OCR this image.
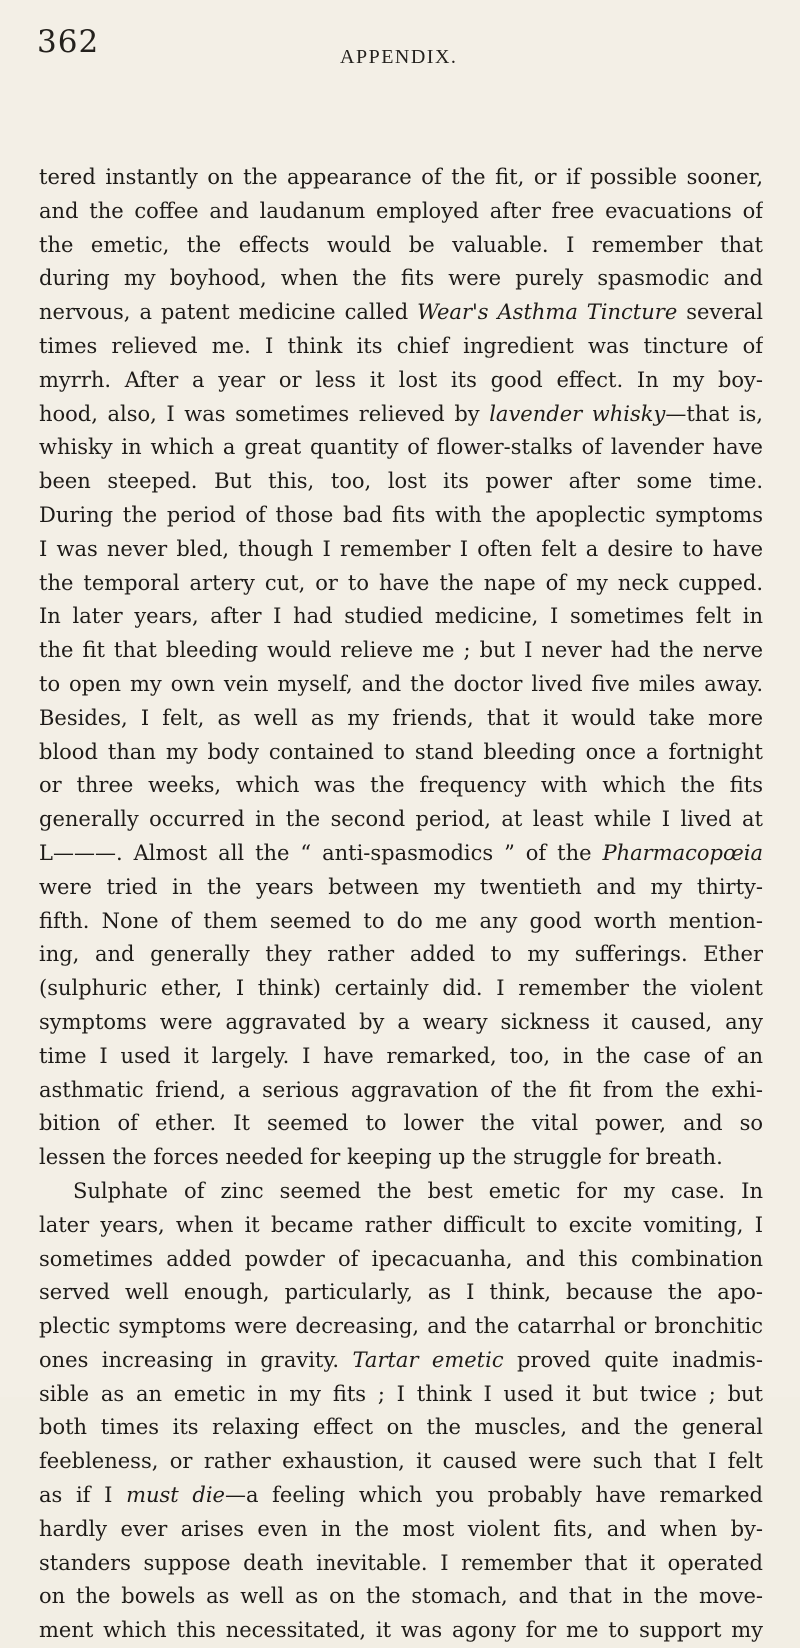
362	APPENDIX.
tered instantly on the appearance of the fit, or if possible sooner,
and the coffee and laudanum employed after free evacuations of
the emetic, the effects would be valuable. I remember that
during my boyhood, when the fits were purely spasmodic and
nervous, a patent medicine called Wear's Asthma Tincture several
times relieved me. I think its chief ingredient was tincture of
myrrh. After a year or less it lost its good effect. In my boy-
hood, also, I was sometimes relieved by lavender whisky—that is,
whisky in which a great quantity of flower-stalks of lavender have
been steeped. But this, too, lost its power after some time.
During the period of those bad fits with the apoplectic symptoms
I was never bled, though I remember I often felt a desire to have
the temporal artery cut, or to have the nape of my neck cupped.
In later years, after I had studied medicine, I sometimes felt in
the fit that bleeding would relieve me ; but I never had the nerve
to open my own vein myself, and the doctor lived five miles away.
Besides, I felt, as well as my friends, that it would take more
blood than my body contained to stand bleeding once a fortnight
or three weeks, which was the frequency with which the fits
generally occurred in the second period, at least while I lived at
L———. Almost all the “ anti-spasmodics ” of the Pharmacopœia
were tried in the years between my twentieth and my thirty-
fifth. None of them seemed to do me any good worth mention-
ing, and generally they rather added to my sufferings. Ether
(sulphuric ether, I think) certainly did. I remember the violent
symptoms were aggravated by a weary sickness it caused, any
time I used it largely. I have remarked, too, in the case of an
asthmatic friend, a serious aggravation of the fit from the exhi-
bition of ether. It seemed to lower the vital power, and so
lessen the forces needed for keeping up the struggle for breath.
Sulphate of zinc seemed the best emetic for my case. In
later years, when it became rather difficult to excite vomiting, I
sometimes added powder of ipecacuanha, and this combination
served well enough, particularly, as I think, because the apo-
plectic symptoms were decreasing, and the catarrhal or bronchitic
ones increasing in gravity. Tartar emetic proved quite inadmis-
sible as an emetic in my fits ; I think I used it but twice ; but
both times its relaxing effect on the muscles, and the general
feebleness, or rather exhaustion, it caused were such that I felt
as if I must die—a feeling which you probably have remarked
hardly ever arises even in the most violent fits, and when by-
standers suppose death inevitable. I remember that it operated
on the bowels as well as on the stomach, and that in the move-
ment which this necessitated, it was agony for me to support my
